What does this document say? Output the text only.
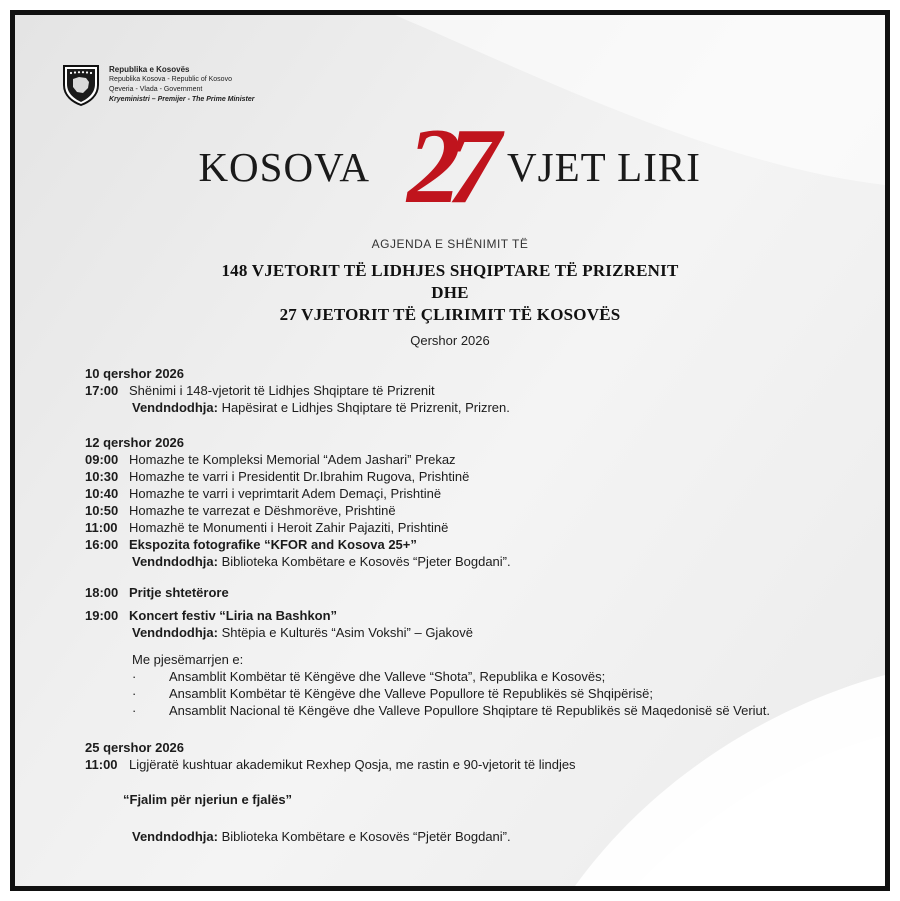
Republika e Kosovës
Republika Kosova - Republic of Kosovo
Qeveria - Vlada - Government
Kryeministri – Premijer - The Prime Minister
KOSOVA 27 VJET LIRI
AGJENDA E SHËNIMIT TË
148 VJETORIT TË LIDHJES SHQIPTARE TË PRIZRENIT
DHE
27 VJETORIT TË ÇLIRIMIT TË KOSOVËS
Qershor 2026
10 qershor 2026
17:00 Shënimi i 148-vjetorit të Lidhjes Shqiptare të Prizrenit
Vendndodhja: Hapësirat e Lidhjes Shqiptare të Prizrenit, Prizren.
12 qershor 2026
09:00 Homazhe te Kompleksi Memorial “Adem Jashari” Prekaz
10:30 Homazhe te varri i Presidentit Dr.Ibrahim Rugova, Prishtinë
10:40 Homazhe te varri i veprimtarit Adem Demaçi, Prishtinë
10:50 Homazhe te varrezat e Dëshmorëve, Prishtinë
11:00 Homazhë te Monumenti i Heroit Zahir Pajaziti, Prishtinë
16:00 Ekspozita fotografike “KFOR and Kosova 25+”
Vendndodhja: Biblioteka Kombëtare e Kosovës “Pjeter Bogdani”.
18:00 Pritje shtetërore
19:00 Koncert festiv “Liria na Bashkon”
Vendndodhja: Shtëpia e Kulturës “Asim Vokshi” – Gjakovë
Me pjesëmarrjen e:
·	Ansamblit Kombëtar të Këngëve dhe Valleve “Shota”, Republika e Kosovës;
·	Ansamblit Kombëtar të Këngëve dhe Valleve Popullore të Republikës së Shqipërisë;
·	Ansamblit Nacional të Këngëve dhe Valleve Popullore Shqiptare të Republikës së Maqedonisë së Veriut.
25 qershor 2026
11:00 Ligjëratë kushtuar akademikut Rexhep Qosja, me rastin e 90-vjetorit të lindjes
“Fjalim për njeriun e fjalës”
Vendndodhja: Biblioteka Kombëtare e Kosovës “Pjetër Bogdani”.
